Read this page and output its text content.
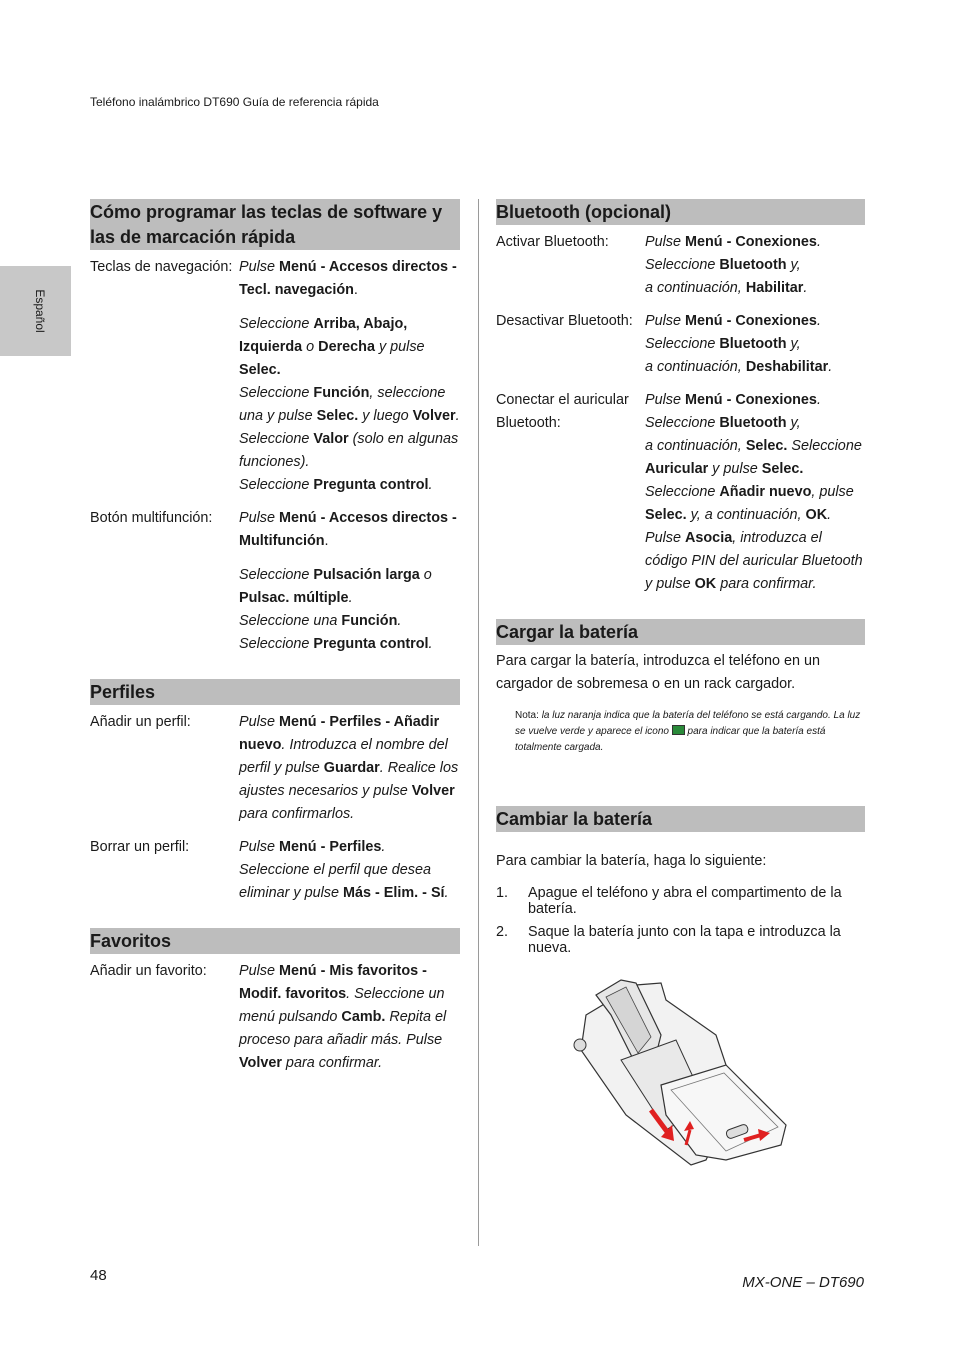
Teléfono inalámbrico DT690 Guía de referencia rápida
Español
Cómo programar las teclas de software y las de marcación rápida
Teclas de navegación: Pulse Menú - Accesos directos - Tecl. navegación.

Seleccione Arriba, Abajo, Izquierda o Derecha y pulse Selec.

Seleccione Función, seleccione una y pulse Selec. y luego Volver.

Seleccione Valor (solo en algunas funciones).

Seleccione Pregunta control.

Botón multifunción:	Pulse Menú - Accesos directos - Multifunción.

Seleccione Pulsación larga o Pulsac. múltiple.

Seleccione una Función.

Seleccione Pregunta control.

Perfiles
Añadir un perfil:	Pulse Menú - Perfiles - Añadir nuevo. Introduzca el nombre del perfil y pulse Guardar. Realice los ajustes necesarios y pulse Volver para confirmarlos.

Borrar un perfil:	Pulse Menú - Perfiles.

Seleccione el perfil que desea eliminar y pulse Más - Elim. - Sí.

Favoritos
Añadir un favorito:	Pulse Menú - Mis favoritos - Modif. favoritos. Seleccione un menú pulsando Camb. Repita el proceso para añadir más. Pulse Volver para confirmar.

Bluetooth (opcional)
Activar Bluetooth:	Pulse Menú - Conexiones.

Seleccione Bluetooth y,

a continuación, Habilitar.

Desactivar Bluetooth: Pulse Menú - Conexiones.

Seleccione Bluetooth y,

a continuación, Deshabilitar.

Conectar el auricular Bluetooth:

Pulse Menú - Conexiones.

Seleccione Bluetooth y,

a continuación, Selec. Seleccione Auricular y pulse Selec.

Seleccione Añadir nuevo, pulse Selec. y, a continuación, OK. Pulse Asocia, introduzca el código PIN del auricular Bluetooth y pulse OK para confirmar.

Cargar la batería
Para cargar la batería, introduzca el teléfono en un cargador de sobremesa o en un rack cargador.
Nota: la luz naranja indica que la batería del teléfono se está cargando. La luz se vuelve verde y aparece el icono para indicar que la batería está totalmente cargada.
Cambiar la batería
Para cambiar la batería, haga lo siguiente:
1.	Apague el teléfono y abra el compartimento de la batería.
2.	Saque la batería junto con la tapa e introduzca la nueva.
48	MX-ONE – DT690
